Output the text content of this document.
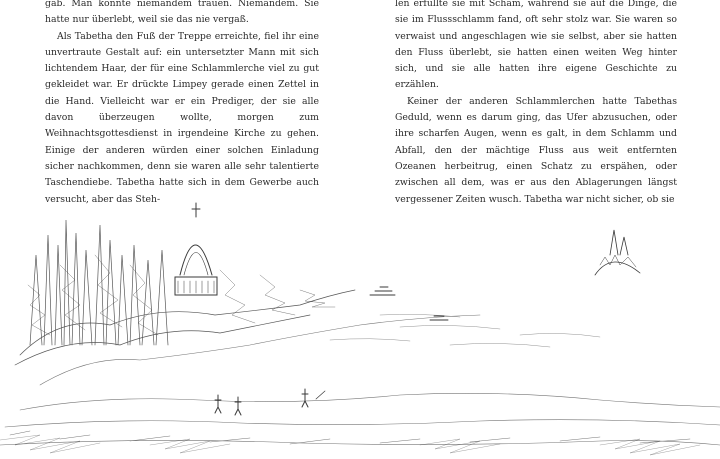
gab. Man konnte niemandem trauen. Niemandem. Sie hatte nur überlebt, weil sie das nie vergaß.

Als Tabetha den Fuß der Treppe erreichte, fiel ihr eine unvertraute Gestalt auf: ein untersetzter Mann mit sich lichtendem Haar, der für eine Schlammlerche viel zu gut gekleidet war. Er drückte Limpey gerade einen Zettel in die Hand. Vielleicht war er ein Prediger, der sie alle davon überzeugen wollte, morgen zum Weihnachtsgottesdienst in irgendeine Kirche zu gehen. Einige der anderen würden einer solchen Einladung sicher nachkommen, denn sie waren alle sehr talentierte Taschendiebe. Tabetha hatte sich in dem Gewerbe auch versucht, aber das Steh-

len erfüllte sie mit Scham, während sie auf die Dinge, die sie im Flussschlamm fand, oft sehr stolz war. Sie waren so verwaist und angeschlagen wie sie selbst, aber sie hatten den Fluss überlebt, sie hatten einen weiten Weg hinter sich, und sie alle hatten ihre eigene Geschichte zu erzählen.

Keiner der anderen Schlammlerchen hatte Tabethas Geduld, wenn es darum ging, das Ufer abzusuchen, oder ihre scharfen Augen, wenn es galt, in dem Schlamm und Abfall, den der mächtige Fluss aus weit entfernten Ozeanen herbeitrug, einen Schatz zu erspähen, oder zwischen all dem, was er aus den Ablagerungen längst vergessener Zeiten wusch. Tabetha war nicht sicher, ob sie
